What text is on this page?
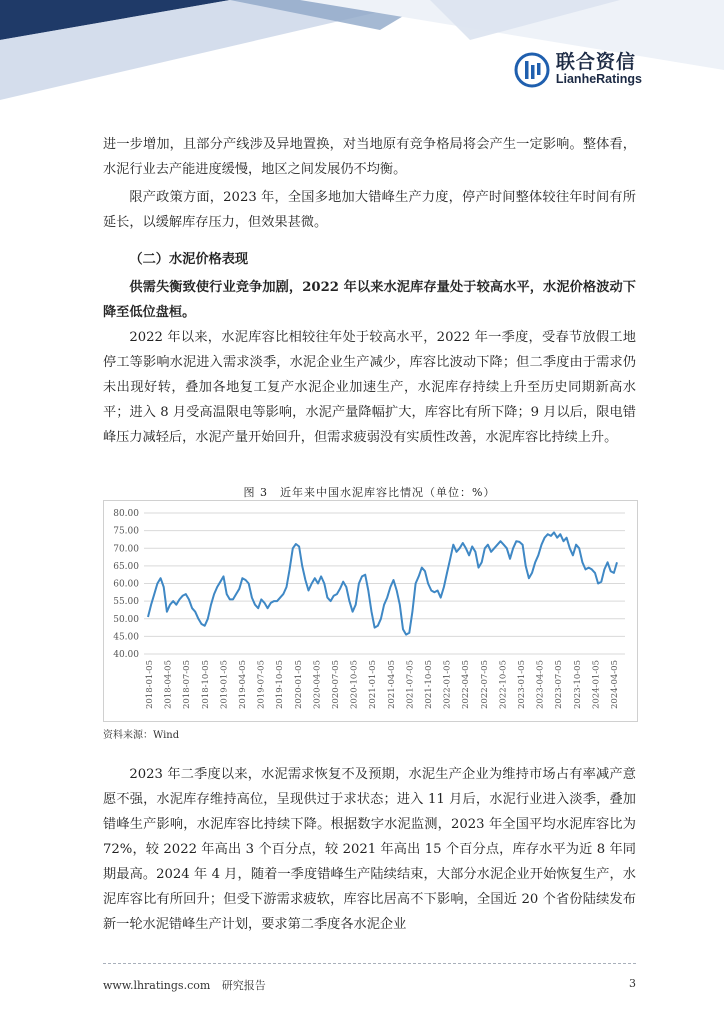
联合资信
LianheRatings

进一步增加，且部分产线涉及异地置换，对当地原有竞争格局将会产生一定影响。整体看，水泥行业去产能进度缓慢，地区之间发展仍不均衡。

限产政策方面，2023 年，全国多地加大错峰生产力度，停产时间整体较往年时间有所延长，以缓解库存压力，但效果甚微。

（二）水泥价格表现

供需失衡致使行业竞争加剧，2022 年以来水泥库存量处于较高水平，水泥价格波动下降至低位盘桓。

2022 年以来，水泥库容比相较往年处于较高水平，2022 年一季度，受春节放假工地停工等影响水泥进入需求淡季，水泥企业生产减少，库容比波动下降；但二季度由于需求仍未出现好转，叠加各地复工复产水泥企业加速生产，水泥库存持续上升至历史同期新高水平；进入 8 月受高温限电等影响，水泥产量降幅扩大，库容比有所下降；9 月以后，限电错峰压力减轻后，水泥产量开始回升，但需求疲弱没有实质性改善，水泥库容比持续上升。

图 3　近年来中国水泥库容比情况（单位：%）
40.00
45.00
50.00
55.00
60.00
65.00
70.00
75.00
80.00
2018-01-05 2018-04-05 2018-07-05 2018-10-05 2019-01-05 2019-04-05 2019-07-05 2019-10-05 2020-01-05 2020-04-05 2020-07-05 2020-10-05 2021-01-05 2021-04-05 2021-07-05 2021-10-05 2022-01-05 2022-04-05 2022-07-05 2022-10-05 2023-01-05 2023-04-05 2023-07-05 2023-10-05 2024-01-05 2024-04-05
资料来源：Wind

2023 年二季度以来，水泥需求恢复不及预期，水泥生产企业为维持市场占有率减产意愿不强，水泥库存维持高位，呈现供过于求状态；进入 11 月后，水泥行业进入淡季，叠加错峰生产影响，水泥库容比持续下降。根据数字水泥监测，2023 年全国平均水泥库容比为 72%，较 2022 年高出 3 个百分点，较 2021 年高出 15 个百分点，库存水平为近 8 年同期最高。2024 年 4 月，随着一季度错峰生产陆续结束，大部分水泥企业开始恢复生产，水泥库容比有所回升；但受下游需求疲软，库容比居高不下影响，全国近 20 个省份陆续发布新一轮水泥错峰生产计划，要求第二季度各水泥企业

www.lhratings.com 研究报告	3
